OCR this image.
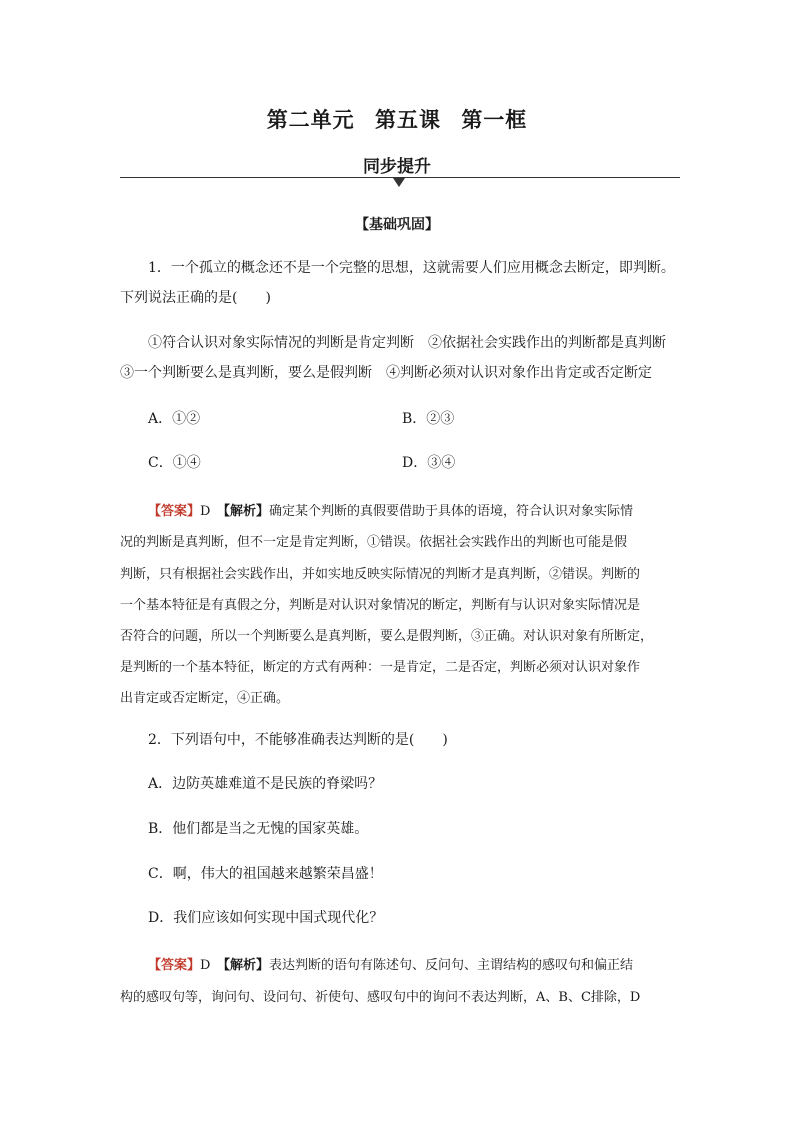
第二单元 第五课 第一框
同步提升
【基础巩固】
1．一个孤立的概念还不是一个完整的思想，这就需要人们应用概念去断定，即判断。
下列说法正确的是(　　)
①符合认识对象实际情况的判断是肯定判断　②依据社会实践作出的判断都是真判断
③一个判断要么是真判断，要么是假判断　④判断必须对认识对象作出肯定或否定断定
A．①②	B．②③
C．①④	D．③④
【答案】D　 【解析】确定某个判断的真假要借助于具体的语境，符合认识对象实际情
况的判断是真判断，但不一定是肯定判断，①错误。依据社会实践作出的判断也可能是假
判断，只有根据社会实践作出，并如实地反映实际情况的判断才是真判断，②错误。判断的
一个基本特征是有真假之分，判断是对认识对象情况的断定，判断有与认识对象实际情况是
否符合的问题，所以一个判断要么是真判断，要么是假判断，③正确。对认识对象有所断定，
是判断的一个基本特征，断定的方式有两种：一是肯定，二是否定，判断必须对认识对象作
出肯定或否定断定，④正确。
2．下列语句中，不能够准确表达判断的是(　　)
A．边防英雄难道不是民族的脊梁吗？
B．他们都是当之无愧的国家英雄。
C．啊，伟大的祖国越来越繁荣昌盛！
D．我们应该如何实现中国式现代化？
【答案】D　 【解析】表达判断的语句有陈述句、反问句、主谓结构的感叹句和偏正结
构的感叹句等，询问句、设问句、祈使句、感叹句中的询问不表达判断，A、B、C排除，D
